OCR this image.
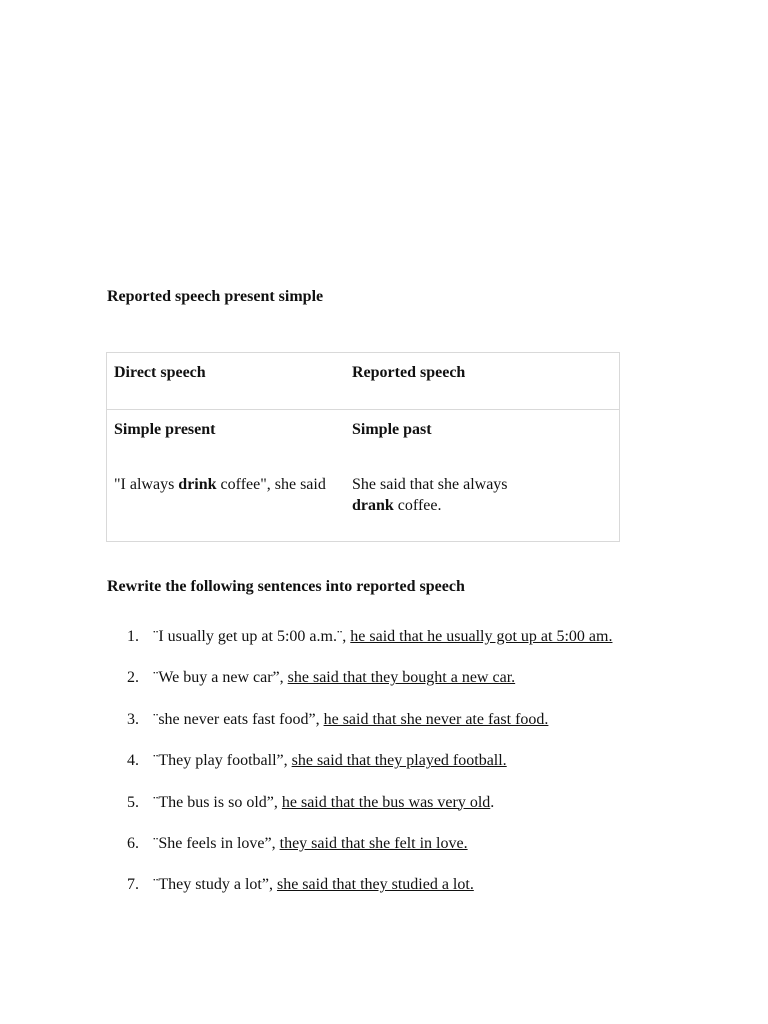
Reported speech present simple
Direct speech	Reported speech
Simple present	Simple past
"I always drink coffee", she said	She said that she always drank coffee.
Rewrite the following sentences into reported speech
1. ¨I usually get up at 5:00 a.m.¨, he said that he usually got up at 5:00 am.
2. ¨We buy a new car”, she said that they bought a new car.
3. ¨she never eats fast food”, he said that she never ate fast food.
4. ¨They play football”, she said that they played football.
5. ¨The bus is so old”, he said that the bus was very old.
6. ¨She feels in love”, they said that she felt in love.
7. ¨They study a lot”, she said that they studied a lot.
